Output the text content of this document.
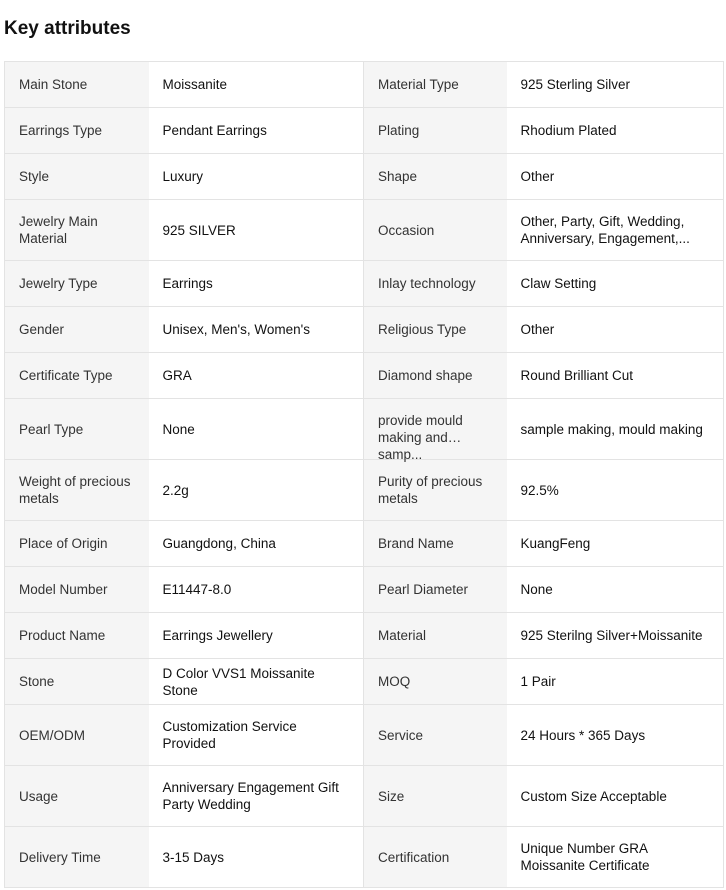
Key attributes
Main Stone	Moissanite	Material Type	925 Sterling Silver

Earrings Type	Pendant Earrings	Plating	Rhodium Plated

Style	Luxury	Shape	Other

Jewelry Main Material	925 SILVER	Occasion	Other, Party, Gift, Wedding, Anniversary, Engagement,...

Jewelry Type	Earrings	Inlay technology	Claw Setting

Gender	Unisex, Men's, Women's	Religious Type	Other

Certificate Type	GRA	Diamond shape	Round Brilliant Cut

Pearl Type	None	provide mould making and samp...	sample making, mould making

Weight of precious metals	2.2g	Purity of precious metals	92.5%

Place of Origin	Guangdong, China	Brand Name	KuangFeng

Model Number	E11447-8.0	Pearl Diameter	None

Product Name	Earrings Jewellery	Material	925 Sterilng Silver+Moissanite

Stone	D Color VVS1 Moissanite Stone	MOQ	1 Pair

OEM/ODM	Customization Service Provided	Service	24 Hours * 365 Days

Usage	Anniversary Engagement Gift Party Wedding	Size	Custom Size Acceptable

Delivery Time	3-15 Days	Certification	Unique Number GRA Moissanite Certificate
